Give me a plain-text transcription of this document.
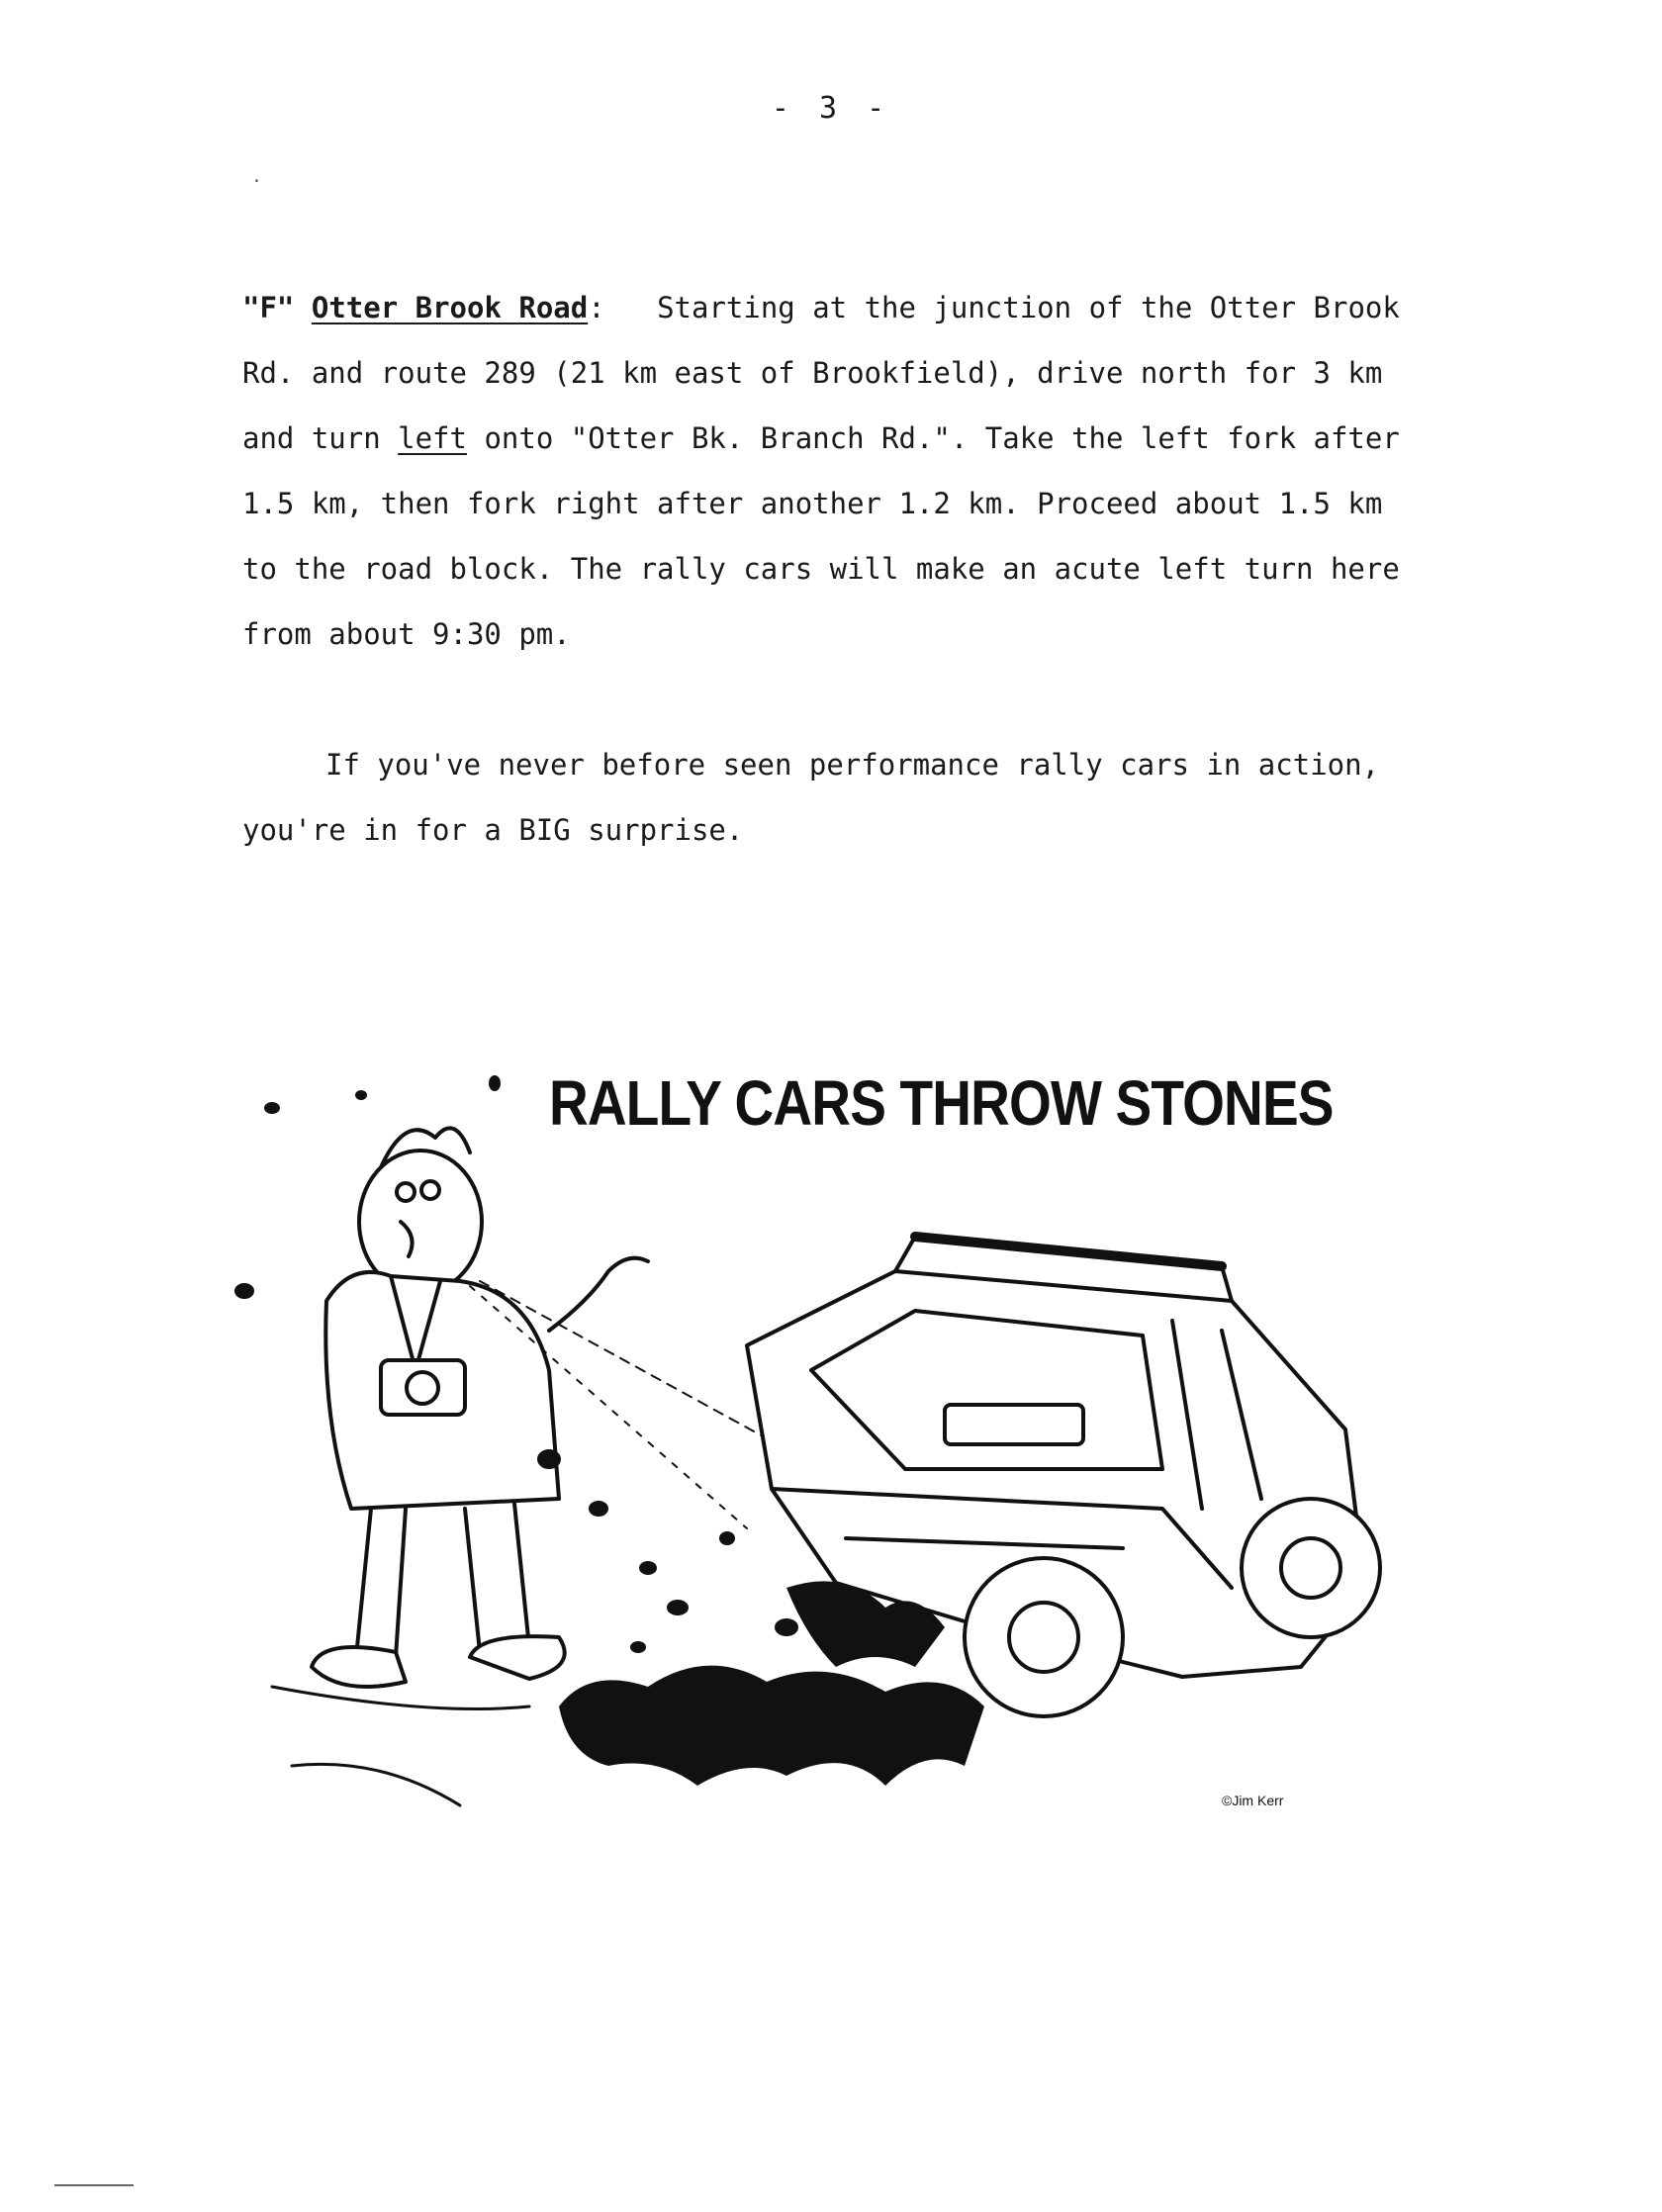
- 3 -
.
"F" Otter Brook Road: Starting at the junction of the Otter Brook
Rd. and route 289 (21 km east of Brookfield), drive north for 3 km
and turn left onto "Otter Bk. Branch Rd.". Take the left fork after
1.5 km, then fork right after another 1.2 km. Proceed about 1.5 km
to the road block. The rally cars will make an acute left turn here
from about 9:30 pm.
If you've never before seen performance rally cars in action,
you're in for a BIG surprise.
©Jim Kerr
RALLY CARS THROW STONES
